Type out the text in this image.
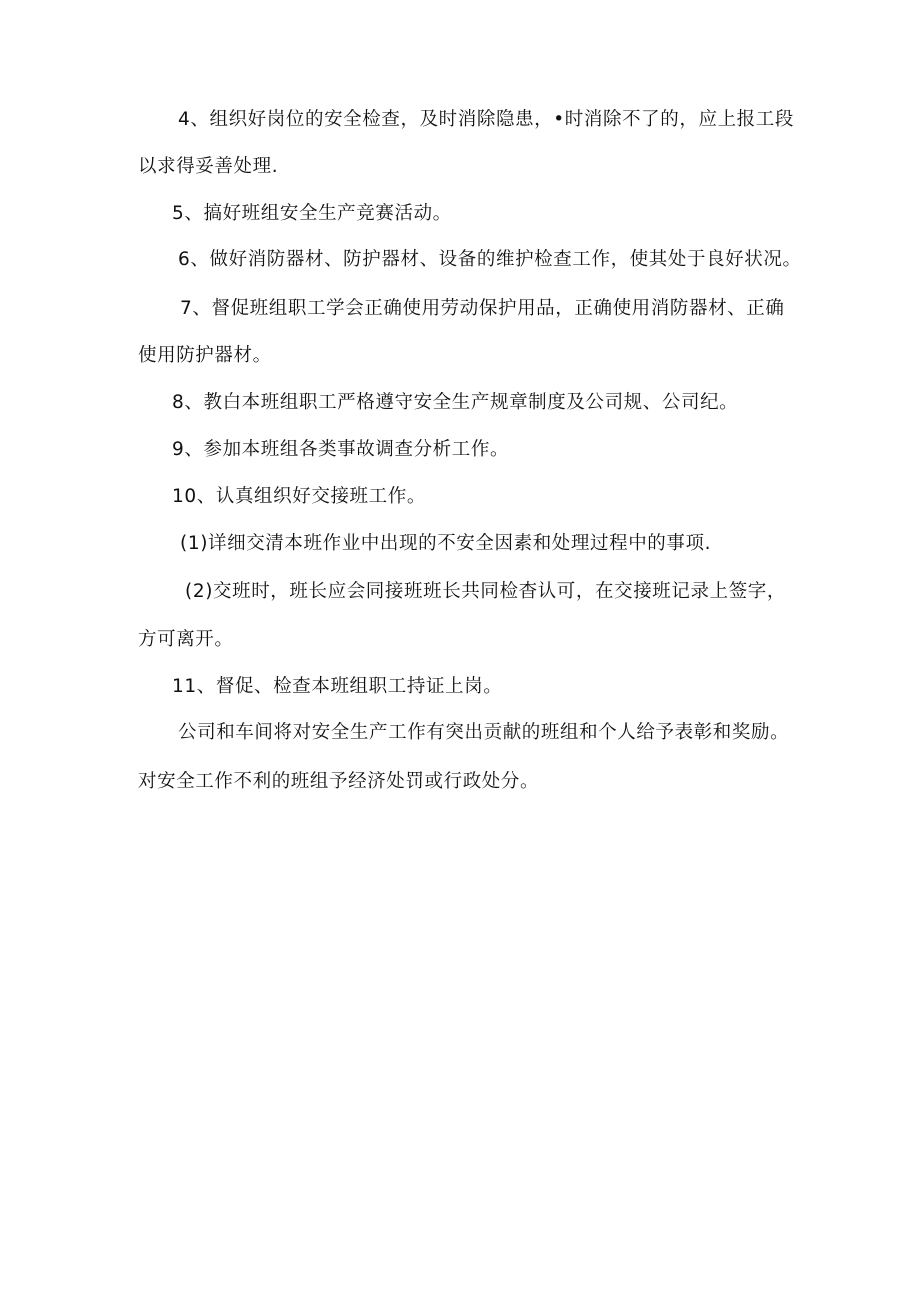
4、组织好岗位的安全检查，及时消除隐患，•时消除不了的，应上报工段
以求得妥善处理.
5、搞好班组安全生产竞赛活动。
6、做好消防器材、防护器材、设备的维护检查工作，使其处于良好状况。
7、督促班组职工学会正确使用劳动保护用品，正确使用消防器材、正确
使用防护器材。
8、教白本班组职工严格遵守安全生产规章制度及公司规、公司纪。
9、参加本班组各类事故调查分析工作。
10、认真组织好交接班工作。
(1)详细交清本班作业中出现的不安全因素和处理过程中的事项.
(2)交班时，班长应会同接班班长共同检杳认可，在交接班记录上签字，
方可离开。
11、督促、检查本班组职工持证上岗。
公司和车间将对安全生产工作有突出贡献的班组和个人给予表彰和奖励。
对安全工作不利的班组予经济处罚或行政处分。
